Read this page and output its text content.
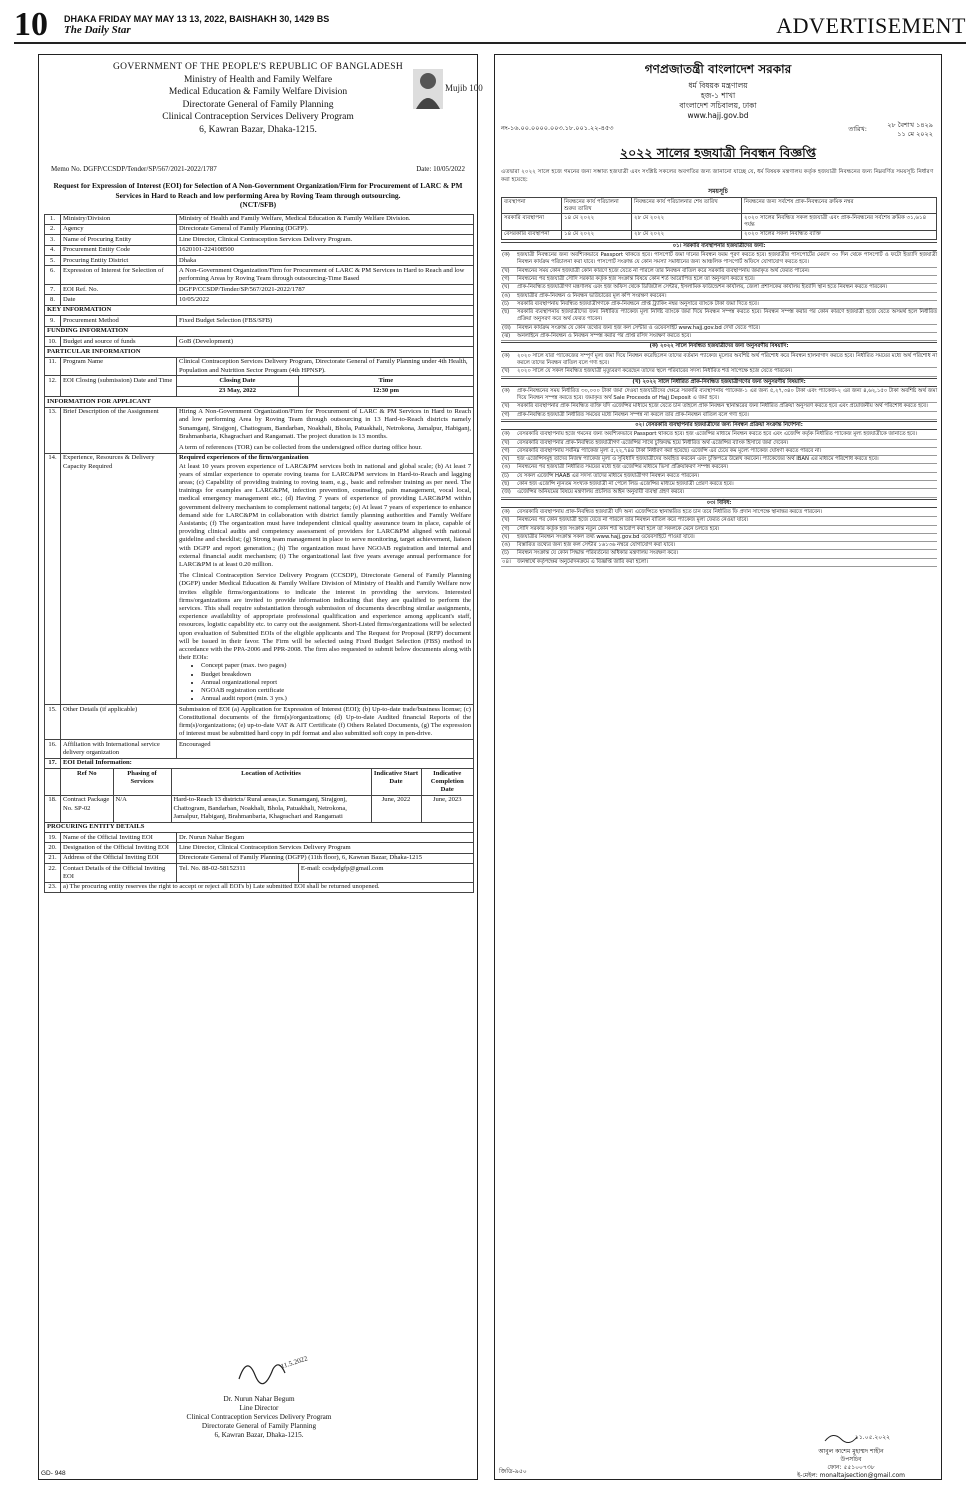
10 DHAKA FRIDAY MAY MAY 13 13, 2022, BAISHAKH 30, 1429 BS
The Daily Star	ADVERTISEMENT
GOVERNMENT OF THE PEOPLE'S REPUBLIC OF BANGLADESH
Ministry of Health and Family Welfare
Medical Education & Family Welfare Division
Directorate General of Family Planning
Clinical Contraception Services Delivery Program
6, Kawran Bazar, Dhaka-1215.
Mujib 100
Memo No. DGFP/CCSDP/Tender/SP/567/2021-2022/1787	Date: 10/05/2022
Request for Expression of Interest (EOI) for Selection of A Non-Government Organization/Firm for Procurement of LARC & PM Services in Hard to Reach and low performing Area by Roving Team through outsourcing.
(NCT/SFB)
1.	Ministry/Division	Ministry of Health and Family Welfare, Medical Education & Family Welfare Division.
2.	Agency	Directorate General of Family Planning (DGFP).
3.	Name of Procuring Entity	Line Director, Clinical Contraception Services Delivery Program.
4.	Procurement Entity Code	1620101-224108500
5.	Procuring Entity District	Dhaka
6.	Expression of Interest for Selection of	A Non-Government Organization/Firm for Procurement of LARC & PM Services in Hard to Reach and low performing Areas by Roving Team through outsourcing-Time Based
7.	EOI Ref. No.	DGFP/CCSDP/Tender/SP/567/2021-2022/1787
8.	Date	10/05/2022
KEY INFORMATION
9.	Procurement Method	Fixed Budget Selection (FBS/SFB)
FUNDING INFORMATION
10.	Budget and source of funds	GoB (Development)
PARTICULAR INFORMATION
11.	Program Name	Clinical Contraception Services Delivery Program, Directorate General of Family Planning under 4th Health, Population and Nutrition Sector Program (4th HPNSP).
12.	EOI Closing (submission) Date and Time	Closing Date	Time
23 May, 2022	12:30 pm
INFORMATION FOR APPLICANT
13.	Brief Description of the Assignment	Hiring A Non-Government Organization/Firm for Procurement of LARC & PM Services in Hard to Reach and low performing Area by Roving Team through outsourcing in 13 Hard-to-Reach districts namely Sunamganj, Sirajgonj, Chattogram, Bandarban, Noakhali, Bhola, Patuakhali, Netrokona, Jamalpur, Habiganj, Brahmanbaria, Khagrachari and Rangamati. The project duration is 13 months.
A term of references (TOR) can be collected from the undersigned office during office hour.

14.	Experience, Resources & Delivery Capacity Required	
Required experiences of the firm/organization
At least 10 years proven experience of LARC&PM services both in national and global scale; (b) At least 7 years of similar experience to operate roving teams for LARC&PM services in Hard-to-Reach and lagging areas; (c) Capability of providing training to roving team, e.g., basic and refresher training as per need. The trainings for examples are LARC&PM, infection prevention, counseling, pain management, vocal local, medical emergency management etc.; (d) Having 7 years of experience of providing LARC&PM within government delivery mechanism to complement national targets; (e) At least 7 years of experience to enhance demand side for LARC&PM in collaboration with district family planning authorities and Family Welfare Assistants; (f) The organization must have independent clinical quality assurance team in place, capable of providing clinical audits and competency assessment of providers for LARC&PM aligned with national guideline and checklist; (g) Strong team management in place to serve monitoring, target achievement, liaison with DGFP and report generation.; (h) The organization must have NGOAB registration and internal and external financial audit mechanism; (i) The organizational last five years average annual performance for LARC&PM is at least 0.20 million.
The Clinical Contraception Service Delivery Program (CCSDP), Directorate General of Family Planning (DGFP) under Medical Education & Family Welfare Division of Ministry of Health and Family Welfare now invites eligible firms/organizations to indicate the interest in providing the services. Interested firms/organizations are invited to provide information indicating that they are qualified to perform the services. This shall require substantiation through submission of documents describing similar assignments, experience availability of appropriate professional qualification and experience among applicant's staff, resources, logistic capability etc. to carry out the assignment. Short-Listed firms/organizations will be selected upon evaluation of Submitted EOIs of the eligible applicants and The Request for Proposal (RFP) document will be issued in their favor. The Firm will be selected using Fixed Budget Selection (FBS) method in accordance with the PPA-2006 and PPR-2008. The firm also requested to submit below documents along with their EOIs:
• Concept paper (max. two pages)
• Budget breakdown
• Annual organizational report
• NGOAB registration certificate
• Annual audit report (min. 3 yrs.)

15.	Other Details (if applicable)	Submission of EOI (a) Application for Expression of Interest (EOI); (b) Up-to-date trade/business license; (c) Constitutional documents of the firm(s)/organizations; (d) Up-to-date Audited financial Reports of the firm(s)/organizations; (e) up-to-date VAT & AIT Certificate (f) Others Related Documents, (g) The expression of interest must be submitted hard copy in pdf format and also submitted soft copy in pen-drive.
16.	Affiliation with International service delivery organization	Encouraged
17.	EOI Detail Information:

Ref No	Phasing of Services	Location of Activities	Indicative Start Date	Indicative Completion Date

18.	Contract Package No. SP-02	N/A	Hard-to-Reach 13 districts/ Rural areas,i.e. Sunamganj, Sirajgonj, Chattogram, Bandarban, Noakhali, Bhola, Patuakhali, Netrokona, Jamalpur, Habiganj, Brahmanbaria, Khagrachari and Rangamati	June, 2022	June, 2023

PROCURING ENTITY DETAILS
19.	Name of the Official Inviting EOI	Dr. Nurun Nahar Begum
20.	Designation of the Official Inviting EOI	Line Director, Clinical Contraception Services Delivery Program
21.	Address of the Official Inviting EOI	Directorate General of Family Planning (DGFP) (11th floor), 6, Kawran Bazar, Dhaka-1215
22.	Contact Details of the Official Inviting EOI	Tel. No. 88-02-58152311	E-mail: ccsdpdgfp@gmail.com
23.	a) The procuring entity reserves the right to accept or reject all EOI's b) Late submitted EOI shall be returned unopened.
11.5.2022
Dr. Nurun Nahar Begum
Line Director
Clinical Contraception Services Delivery Program
Directorate General of Family Planning
6, Kawran Bazar, Dhaka-1215.
GD- 948
গণপ্রজাতন্ত্রী বাংলাদেশ সরকার
ধর্ম বিষয়ক মন্ত্রণালয়
হজ-১ শাখা
বাংলাদেশ সচিবালয়, ঢাকা
www.hajj.gov.bd
নং-১৬.০০.০০০০.০০৩.১৮.০০১.২২-৪৫৩	তারিখ:	২৮ বৈশাখ ১৪২৯
১১ মে ২০২২
২০২২ সালের হজযাত্রী নিবন্ধন বিজ্ঞপ্তি
এতদ্বারা ২০২২ সালে হজে গমনের জন্য সম্ভাব্য হজযাত্রী এবং সংশ্লিষ্ট সকলের অবগতির জন্য জানানো যাচ্ছে যে, ধর্ম বিষয়ক মন্ত্রণালয় কর্তৃক হজযাত্রী নিবন্ধনের জন্য নিম্নবর্ণিত সময়সূচি নির্ধারণ করা হয়েছে:
সময়সূচি
ব্যবস্থাপনা	নিবন্ধনের কার্য পরিচালনা শুরুর তারিখ	নিবন্ধনের কার্য পরিচালনার শেষ তারিখ	নিবন্ধনের জন্য সর্বশেষ প্রাক-নিবন্ধনের ক্রমিক নম্বর
সরকারি ব্যবস্থাপনা	১৪ মে ২০২২	২৮ মে ২০২২	২০২০ সালের নিবন্ধিত সকল হজযাত্রী এবং প্রাক-নিবন্ধনের সর্বশেষ ক্রমিক ৩১,৬১৪ পর্যন্ত
বেসরকারি ব্যবস্থাপনা	১৪ মে ২০২২	২৮ মে ২০২২	২০২০ সালের সকল নিবন্ধিত ব্যক্তি
০১। সরকারি ব্যবস্থাপনার হজযাত্রীদের জন্য:
(ক)	হজযাত্রী নিবন্ধনের জন্য অবশ্যিকভাবে Passport থাকতে হবে। পাসপোর্ট জমা দানের নিবন্ধন ফরম পূরণ করতে হবে। হজযাত্রীর পাসপোর্টের মেয়াদ ৩০ দিন থেকে পাসপোর্ট ও ফটো ইত্যাদি হজযাত্রী নিবন্ধন কার্যক্রম পরিচালনা করা যাবে। পাসপোর্ট সংক্রান্ত যে কোন সমস্যা সমাধানের জন্য আঞ্চলিক পাসপোর্ট অফিসে যোগাযোগ করতে হবে।
(খ)	নিবন্ধনের সময় কোন হজযাত্রী কোন কারণে হজে যেতে না পারলে তার নিবন্ধন বাতিল করে সরকারি ব্যবস্থাপনায় জমাকৃত অর্থ ফেরত পাবেন।
(গ)	নিবন্ধনের পর হজযাত্রী সৌদি সরকার কর্তৃক হজ সংক্রান্ত বিষয়ে কোন শর্ত আরোপিত হলে তা অনুসরণ করতে হবে।
(ঘ)	প্রাক-নিবন্ধিত হজযাত্রীগণ মন্ত্রণালয় এবং হজ অফিস থেকে ডিজিটাল সেন্টার, ইসলামিক ফাউন্ডেশন কার্যালয়, জেলা প্রশাসকের কার্যালয় ইত্যাদি স্থান হতে নিবন্ধন করতে পারবেন।
(ঙ)	হজযাত্রীর প্রাক-নিবন্ধন ও নিবন্ধন ভাউচারের মূল কপি সংরক্ষণ করবেন।
(চ)	সরকারি ব্যবস্থাপনায় নিবন্ধিত হজযাত্রীগণকে প্রাক-নিবন্ধনে প্রাপ্ত ট্র্যাকিং নম্বর অনুসারে ব্যাংকে টাকা জমা দিতে হবে।
(ছ)	সরকারি ব্যবস্থাপনায় হজযাত্রীদের জন্য নির্ধারিত প্যাকেজ মূল্য নির্দিষ্ট ব্যাংকে জমা দিয়ে নিবন্ধন সম্পন্ন করতে হবে। নিবন্ধন সম্পন্ন করার পর কোন কারণে হজযাত্রী হজে যেতে অসমর্থ হলে নির্ধারিত প্রক্রিয়া অনুসরণ করে অর্থ ফেরত পাবেন।
(জ)	নিবন্ধন কার্যক্রম সংক্রান্ত যে কোন তথ্যের জন্য হজ কল সেন্টার ও ওয়েবসাইট www.hajj.gov.bd দেখা যেতে পারে।
(ঝ)	অনলাইনে প্রাক-নিবন্ধন ও নিবন্ধন সম্পন্ন করার পর প্রাপ্ত রসিদ সংরক্ষণ করতে হবে।
(ক) ২০২২ সালে নিবন্ধিত হজযাত্রীদের জন্য অনুসরণীয় বিষয়াদি:
(ক)	২০২০ সালে যারা প্যাকেজের সম্পূর্ণ মূল্য জমা দিয়ে নিবন্ধন করেছিলেন তাদের বর্তমান প্যাকেজ মূল্যের অবশিষ্ট অর্থ পরিশোধ করে নিবন্ধন হালনাগাদ করতে হবে। নির্ধারিত সময়ের মধ্যে অর্থ পরিশোধ না করলে তাদের নিবন্ধন বাতিল বলে গণ্য হবে।
(খ)	২০২০ সালে যে সকল নিবন্ধিত হজযাত্রী মৃত্যুবরণ করেছেন তাদের স্থলে পরিবারের সদস্য নির্ধারিত শর্ত সাপেক্ষে হজে যেতে পারবেন।
(খ) ২০২২ সালে নির্ধারিত প্রাক-নিবন্ধিত হজযাত্রীগণের জন্য অনুসরণীয় বিষয়াদি:
(ক)	প্রাক-নিবন্ধনের সময় নির্ধারিত ৩০,০০০ টাকা জমা দেওয়া হজযাত্রীদের ক্ষেত্রে সরকারি ব্যবস্থাপনায় প্যাকেজ-১ এর জন্য ৫,২৭,৩৪০ টাকা এবং প্যাকেজ-২ এর জন্য ৪,৬২,১৫০ টাকা অবশিষ্ট অর্থ জমা দিয়ে নিবন্ধন সম্পন্ন করতে হবে। জমাকৃত অর্থ Sale Proceeds of Hajj Deposit এ জমা হবে।
(খ)	সরকারি ব্যবস্থাপনার প্রাক নিবন্ধিত ব্যক্তি যদি এজেন্সির মাধ্যমে হজে যেতে চান তাহলে প্রাক নিবন্ধন স্থানান্তরের জন্য নির্ধারিত প্রক্রিয়া অনুসরণ করতে হবে এবং প্রয়োজনীয় অর্থ পরিশোধ করতে হবে।
(গ)	প্রাক-নিবন্ধিত হজযাত্রী নির্ধারিত সময়ের মধ্যে নিবন্ধন সম্পন্ন না করলে তার প্রাক-নিবন্ধন বাতিল বলে গণ্য হবে।
০২। বেসরকারি ব্যবস্থাপনার হজযাত্রীদের জন্য নিবন্ধন প্রক্রিয়া সংক্রান্ত নির্দেশনা:
(ক)	বেসরকারি ব্যবস্থাপনায় হজে গমনের জন্য অবশ্যিকভাবে Passport থাকতে হবে। হজ এজেন্সির মাধ্যমে নিবন্ধন করতে হবে এবং এজেন্সি কর্তৃক নির্ধারিত প্যাকেজ মূল্য হজযাত্রীকে জানাতে হবে।
(খ)	বেসরকারি ব্যবস্থাপনার প্রাক-নিবন্ধিত হজযাত্রীগণ এজেন্সির সাথে চুক্তিবদ্ধ হয়ে নির্ধারিত অর্থ এজেন্সির ব্যাংক হিসাবে জমা দেবেন।
(গ)	বেসরকারি ব্যবস্থাপনায় সর্বনিম্ন প্যাকেজ মূল্য ৫,২২,৭৪৪ টাকা নির্ধারণ করা হয়েছে। এজেন্সি এর চেয়ে কম মূল্যে প্যাকেজ ঘোষণা করতে পারবে না।
(ঘ)	হজ এজেন্সিসমূহ তাদের নিজস্ব প্যাকেজ মূল্য ও সুবিধাদি হজযাত্রীদের অবহিত করবেন এবং চুক্তিপত্রে উল্লেখ করবেন। প্যাকেজের অর্থ IBAN এর মাধ্যমে পরিশোধ করতে হবে।
(ঙ)	নিবন্ধনের পর হজযাত্রী নির্ধারিত সময়ের মধ্যে হজ এজেন্সির মাধ্যমে ভিসা প্রক্রিয়াকরণ সম্পন্ন করবেন।
(চ)	যে সকল এজেন্সি HAAB এর সদস্য তাদের মাধ্যমে হজযাত্রীগণ নিবন্ধন করতে পারবেন।
(ছ)	কোন হজ এজেন্সি ন্যূনতম সংখ্যক হজযাত্রী না পেলে লিড এজেন্সির মাধ্যমে হজযাত্রী প্রেরণ করতে হবে।
(জ)	এজেন্সির অনিয়মের বিষয়ে মন্ত্রণালয় প্রচলিত আইন অনুযায়ী ব্যবস্থা গ্রহণ করবে।
০৩। বিবিধ:
(ক)	বেসরকারি ব্যবস্থাপনায় প্রাক-নিবন্ধিত হজযাত্রী যদি অন্য এজেন্সিতে স্থানান্তরিত হতে চান তবে নির্ধারিত ফি প্রদান সাপেক্ষে স্থানান্তর করতে পারবেন।
(খ)	নিবন্ধনের পর কোন হজযাত্রী হজে যেতে না পারলে তার নিবন্ধন বাতিল করে প্যাকেজ মূল্য ফেরত নেওয়া যাবে।
(গ)	সৌদি সরকার কর্তৃক হজ সংক্রান্ত নতুন কোন শর্ত আরোপ করা হলে তা সকলকে মেনে চলতে হবে।
(ঘ)	হজযাত্রীর নিবন্ধন সংক্রান্ত সকল তথ্য www.hajj.gov.bd ওয়েবসাইটে পাওয়া যাবে।
(ঙ)	বিস্তারিত তথ্যের জন্য হজ কল সেন্টার ১৬১৩৬ নম্বরে যোগাযোগ করা যাবে।
(চ)	নিবন্ধন সংক্রান্ত যে কোন সিদ্ধান্ত পরিবর্তনের অধিকার মন্ত্রণালয় সংরক্ষণ করে।
০৪।	জনস্বার্থে কর্তৃপক্ষের অনুমোদনক্রমে এ বিজ্ঞপ্তি জারি করা হলো।
১১.০৫.২০২২
আবুল কাশেম মুহাম্মদ শাহীন
উপসচিব
ফোন: ৫৫১০০৭৩৮
ই-মেইল: monaltajsection@gmail.com
জিডি-৯৫০
